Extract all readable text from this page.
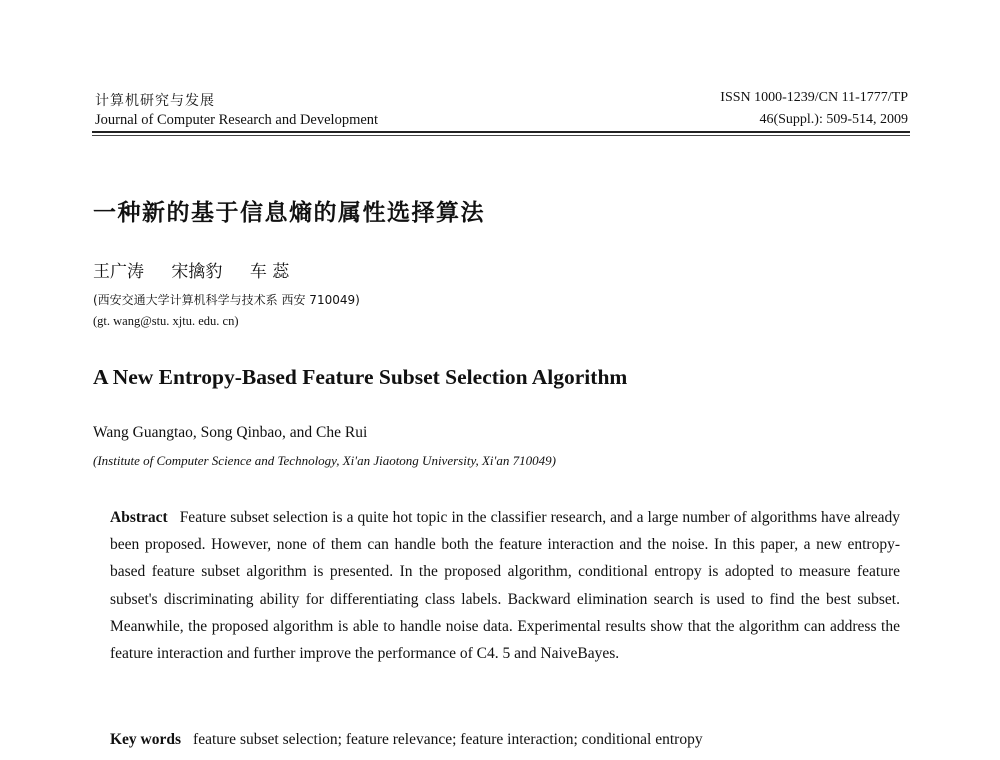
计算机研究与发展
Journal of Computer Research and Development
ISSN 1000-1239/CN 11-1777/TP
46(Suppl.): 509-514, 2009
一种新的基于信息熵的属性选择算法
王广涛 宋擒豹 车 蕊
(西安交通大学计算机科学与技术系 西安 710049)
(gt. wang@stu. xjtu. edu. cn)
A New Entropy-Based Feature Subset Selection Algorithm
Wang Guangtao, Song Qinbao, and Che Rui
(Institute of Computer Science and Technology, Xi'an Jiaotong University, Xi'an 710049)
Abstract Feature subset selection is a quite hot topic in the classifier research, and a large number of algorithms have already been proposed. However, none of them can handle both the feature interaction and the noise. In this paper, a new entropy-based feature subset algorithm is presented. In the proposed algorithm, conditional entropy is adopted to measure feature subset's discriminating ability for differentiating class labels. Backward elimination search is used to find the best subset. Meanwhile, the proposed algorithm is able to handle noise data. Experimental results show that the algorithm can address the feature interaction and further improve the performance of C4. 5 and NaiveBayes.
Key words feature subset selection; feature relevance; feature interaction; conditional entropy
